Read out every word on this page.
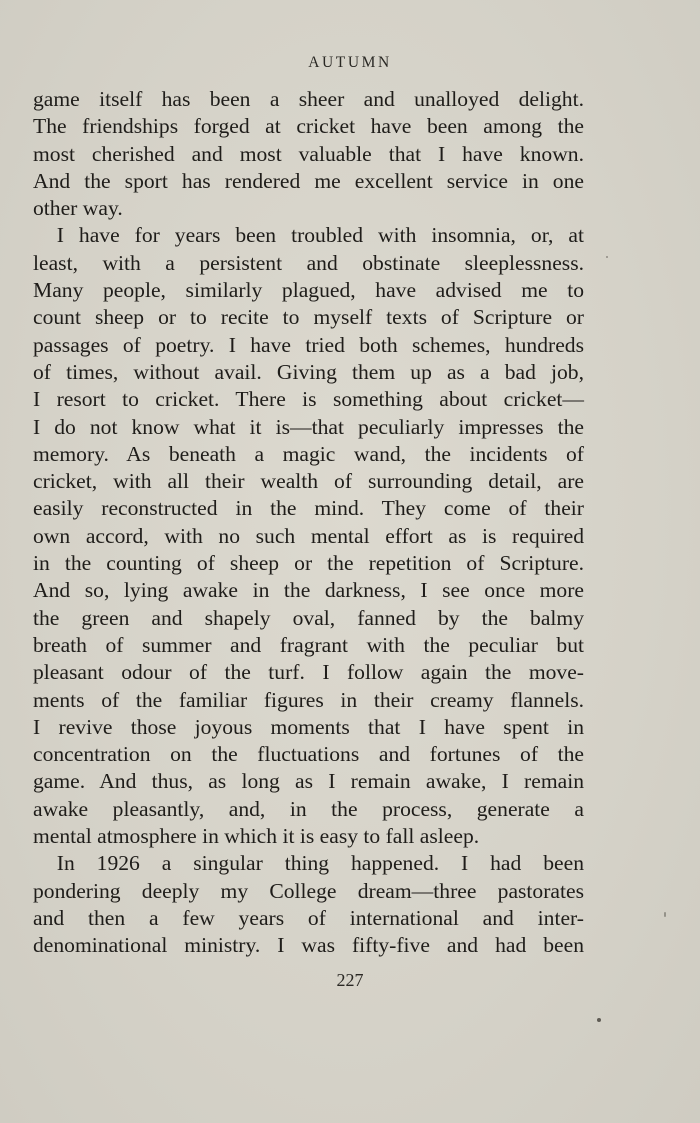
AUTUMN
game itself has been a sheer and unalloyed delight.
The friendships forged at cricket have been among the
most cherished and most valuable that I have known.
And the sport has rendered me excellent service in one
other way.
I have for years been troubled with insomnia, or, at
least, with a persistent and obstinate sleeplessness.
Many people, similarly plagued, have advised me to
count sheep or to recite to myself texts of Scripture or
passages of poetry. I have tried both schemes, hundreds
of times, without avail. Giving them up as a bad job,
I resort to cricket. There is something about cricket—
I do not know what it is—that peculiarly impresses the
memory. As beneath a magic wand, the incidents of
cricket, with all their wealth of surrounding detail, are
easily reconstructed in the mind. They come of their
own accord, with no such mental effort as is required
in the counting of sheep or the repetition of Scripture.
And so, lying awake in the darkness, I see once more
the green and shapely oval, fanned by the balmy
breath of summer and fragrant with the peculiar but
pleasant odour of the turf. I follow again the move-
ments of the familiar figures in their creamy flannels.
I revive those joyous moments that I have spent in
concentration on the fluctuations and fortunes of the
game. And thus, as long as I remain awake, I remain
awake pleasantly, and, in the process, generate a
mental atmosphere in which it is easy to fall asleep.
In 1926 a singular thing happened. I had been
pondering deeply my College dream—three pastorates
and then a few years of international and inter-
denominational ministry. I was fifty-five and had been
227
